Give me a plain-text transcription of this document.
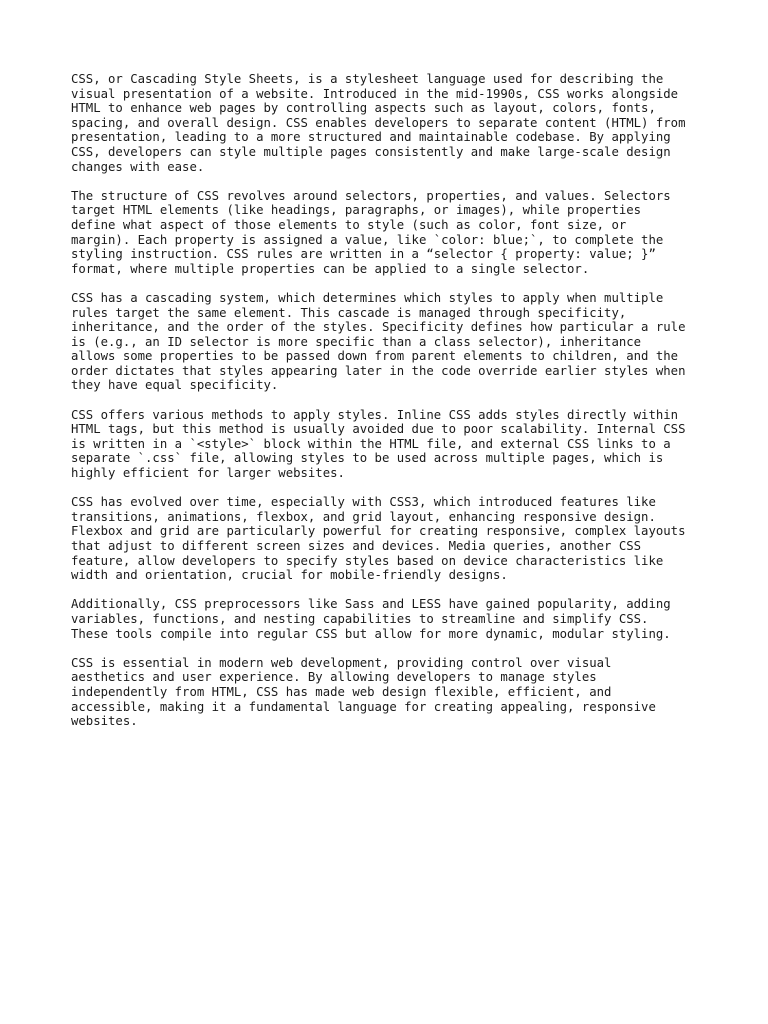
CSS, or Cascading Style Sheets, is a stylesheet language used for describing the
visual presentation of a website. Introduced in the mid-1990s, CSS works alongside
HTML to enhance web pages by controlling aspects such as layout, colors, fonts,
spacing, and overall design. CSS enables developers to separate content (HTML) from
presentation, leading to a more structured and maintainable codebase. By applying
CSS, developers can style multiple pages consistently and make large-scale design
changes with ease.

The structure of CSS revolves around selectors, properties, and values. Selectors
target HTML elements (like headings, paragraphs, or images), while properties
define what aspect of those elements to style (such as color, font size, or
margin). Each property is assigned a value, like `color: blue;`, to complete the
styling instruction. CSS rules are written in a “selector { property: value; }”
format, where multiple properties can be applied to a single selector.

CSS has a cascading system, which determines which styles to apply when multiple
rules target the same element. This cascade is managed through specificity,
inheritance, and the order of the styles. Specificity defines how particular a rule
is (e.g., an ID selector is more specific than a class selector), inheritance
allows some properties to be passed down from parent elements to children, and the
order dictates that styles appearing later in the code override earlier styles when
they have equal specificity.

CSS offers various methods to apply styles. Inline CSS adds styles directly within
HTML tags, but this method is usually avoided due to poor scalability. Internal CSS
is written in a `<style>` block within the HTML file, and external CSS links to a
separate `.css` file, allowing styles to be used across multiple pages, which is
highly efficient for larger websites.

CSS has evolved over time, especially with CSS3, which introduced features like
transitions, animations, flexbox, and grid layout, enhancing responsive design.
Flexbox and grid are particularly powerful for creating responsive, complex layouts
that adjust to different screen sizes and devices. Media queries, another CSS
feature, allow developers to specify styles based on device characteristics like
width and orientation, crucial for mobile-friendly designs.

Additionally, CSS preprocessors like Sass and LESS have gained popularity, adding
variables, functions, and nesting capabilities to streamline and simplify CSS.
These tools compile into regular CSS but allow for more dynamic, modular styling.

CSS is essential in modern web development, providing control over visual
aesthetics and user experience. By allowing developers to manage styles
independently from HTML, CSS has made web design flexible, efficient, and
accessible, making it a fundamental language for creating appealing, responsive
websites.
